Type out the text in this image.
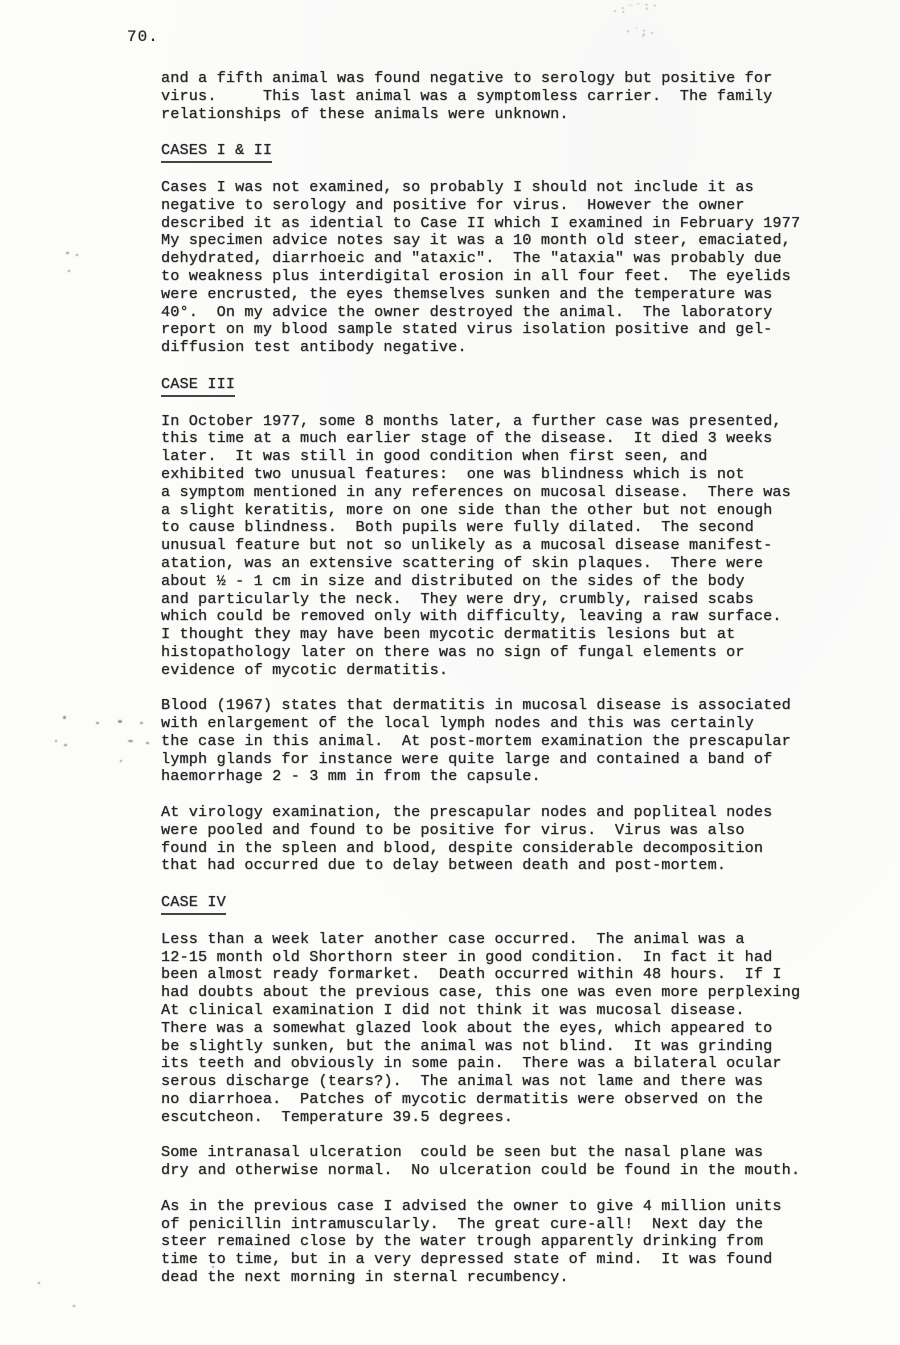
70.
·:¨˙:·
·˙;·
and a fifth animal was found negative to serology but positive for
virus.     This last animal was a symptomless carrier.  The family
relationships of these animals were unknown.
CASES I & II
Cases I was not examined, so probably I should not include it as
negative to serology and positive for virus.  However the owner
described it as idential to Case II which I examined in February 1977
My specimen advice notes say it was a 10 month old steer, emaciated,
dehydrated, diarrhoeic and "ataxic".  The "ataxia" was probably due
to weakness plus interdigital erosion in all four feet.  The eyelids
were encrusted, the eyes themselves sunken and the temperature was
40°.  On my advice the owner destroyed the animal.  The laboratory
report on my blood sample stated virus isolation positive and gel-
diffusion test antibody negative.
CASE III
In October 1977, some 8 months later, a further case was presented,
this time at a much earlier stage of the disease.  It died 3 weeks
later.  It was still in good condition when first seen, and
exhibited two unusual features:  one was blindness which is not
a symptom mentioned in any references on mucosal disease.  There was
a slight keratitis, more on one side than the other but not enough
to cause blindness.  Both pupils were fully dilated.  The second
unusual feature but not so unlikely as a mucosal disease manifest-
atation, was an extensive scattering of skin plaques.  There were
about ½ - 1 cm in size and distributed on the sides of the body
and particularly the neck.  They were dry, crumbly, raised scabs
which could be removed only with difficulty, leaving a raw surface.
I thought they may have been mycotic dermatitis lesions but at
histopathology later on there was no sign of fungal elements or
evidence of mycotic dermatitis.
Blood (1967) states that dermatitis in mucosal disease is associated
with enlargement of the local lymph nodes and this was certainly
the case in this animal.  At post-mortem examination the prescapular
lymph glands for instance were quite large and contained a band of
haemorrhage 2 - 3 mm in from the capsule.
At virology examination, the prescapular nodes and popliteal nodes
were pooled and found to be positive for virus.  Virus was also
found in the spleen and blood, despite considerable decomposition
that had occurred due to delay between death and post-mortem.
CASE IV
Less than a week later another case occurred.  The animal was a
12-15 month old Shorthorn steer in good condition.  In fact it had
been almost ready formarket.  Death occurred within 48 hours.  If I
had doubts about the previous case, this one was even more perplexing
At clinical examination I did not think it was mucosal disease.
There was a somewhat glazed look about the eyes, which appeared to
be slightly sunken, but the animal was not blind.  It was grinding
its teeth and obviously in some pain.  There was a bilateral ocular
serous discharge (tears?).  The animal was not lame and there was
no diarrhoea.  Patches of mycotic dermatitis were observed on the
escutcheon.  Temperature 39.5 degrees.
Some intranasal ulceration  could be seen but the nasal plane was
dry and otherwise normal.  No ulceration could be found in the mouth.
As in the previous case I advised the owner to give 4 million units
of penicillin intramuscularly.  The great cure-all!  Next day the
steer remained close by the water trough apparently drinking from
time to time, but in a very depressed state of mind.  It was found
dead the next morning in sternal recumbency.
